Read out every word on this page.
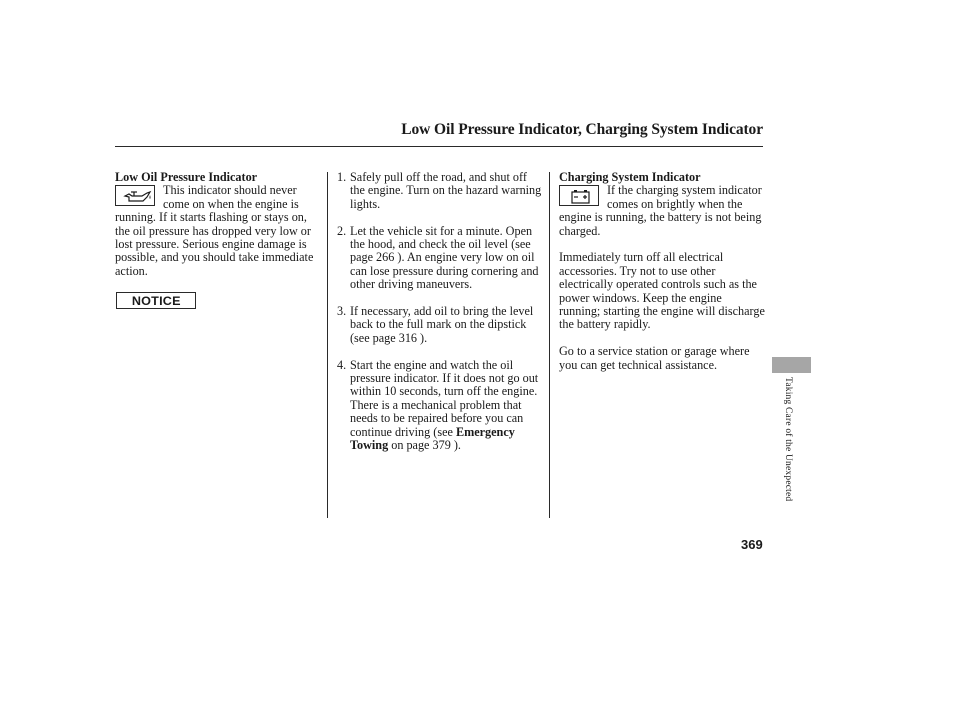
Low Oil Pressure Indicator, Charging System Indicator
Low Oil Pressure Indicator
This indicator should never come on when the engine is running. If it starts flashing or stays on, the oil pressure has dropped very low or lost pressure. Serious engine damage is possible, and you should take immediate action.
NOTICE
1. Safely pull off the road, and shut off the engine. Turn on the hazard warning lights.
2. Let the vehicle sit for a minute. Open the hood, and check the oil level (see page 266 ). An engine very low on oil can lose pressure during cornering and other driving maneuvers.
3. If necessary, add oil to bring the level back to the full mark on the dipstick (see page 316 ).
4. Start the engine and watch the oil pressure indicator. If it does not go out within 10 seconds, turn off the engine. There is a mechanical problem that needs to be repaired before you can continue driving (see Emergency Towing on page 379 ).
Charging System Indicator

If the charging system indicator comes on brightly when the engine is running, the battery is not being charged.

Immediately turn off all electrical accessories. Try not to use other electrically operated controls such as the power windows. Keep the engine running; starting the engine will discharge the battery rapidly.

Go to a service station or garage where you can get technical assistance.

Taking Care of the Unexpected
369
